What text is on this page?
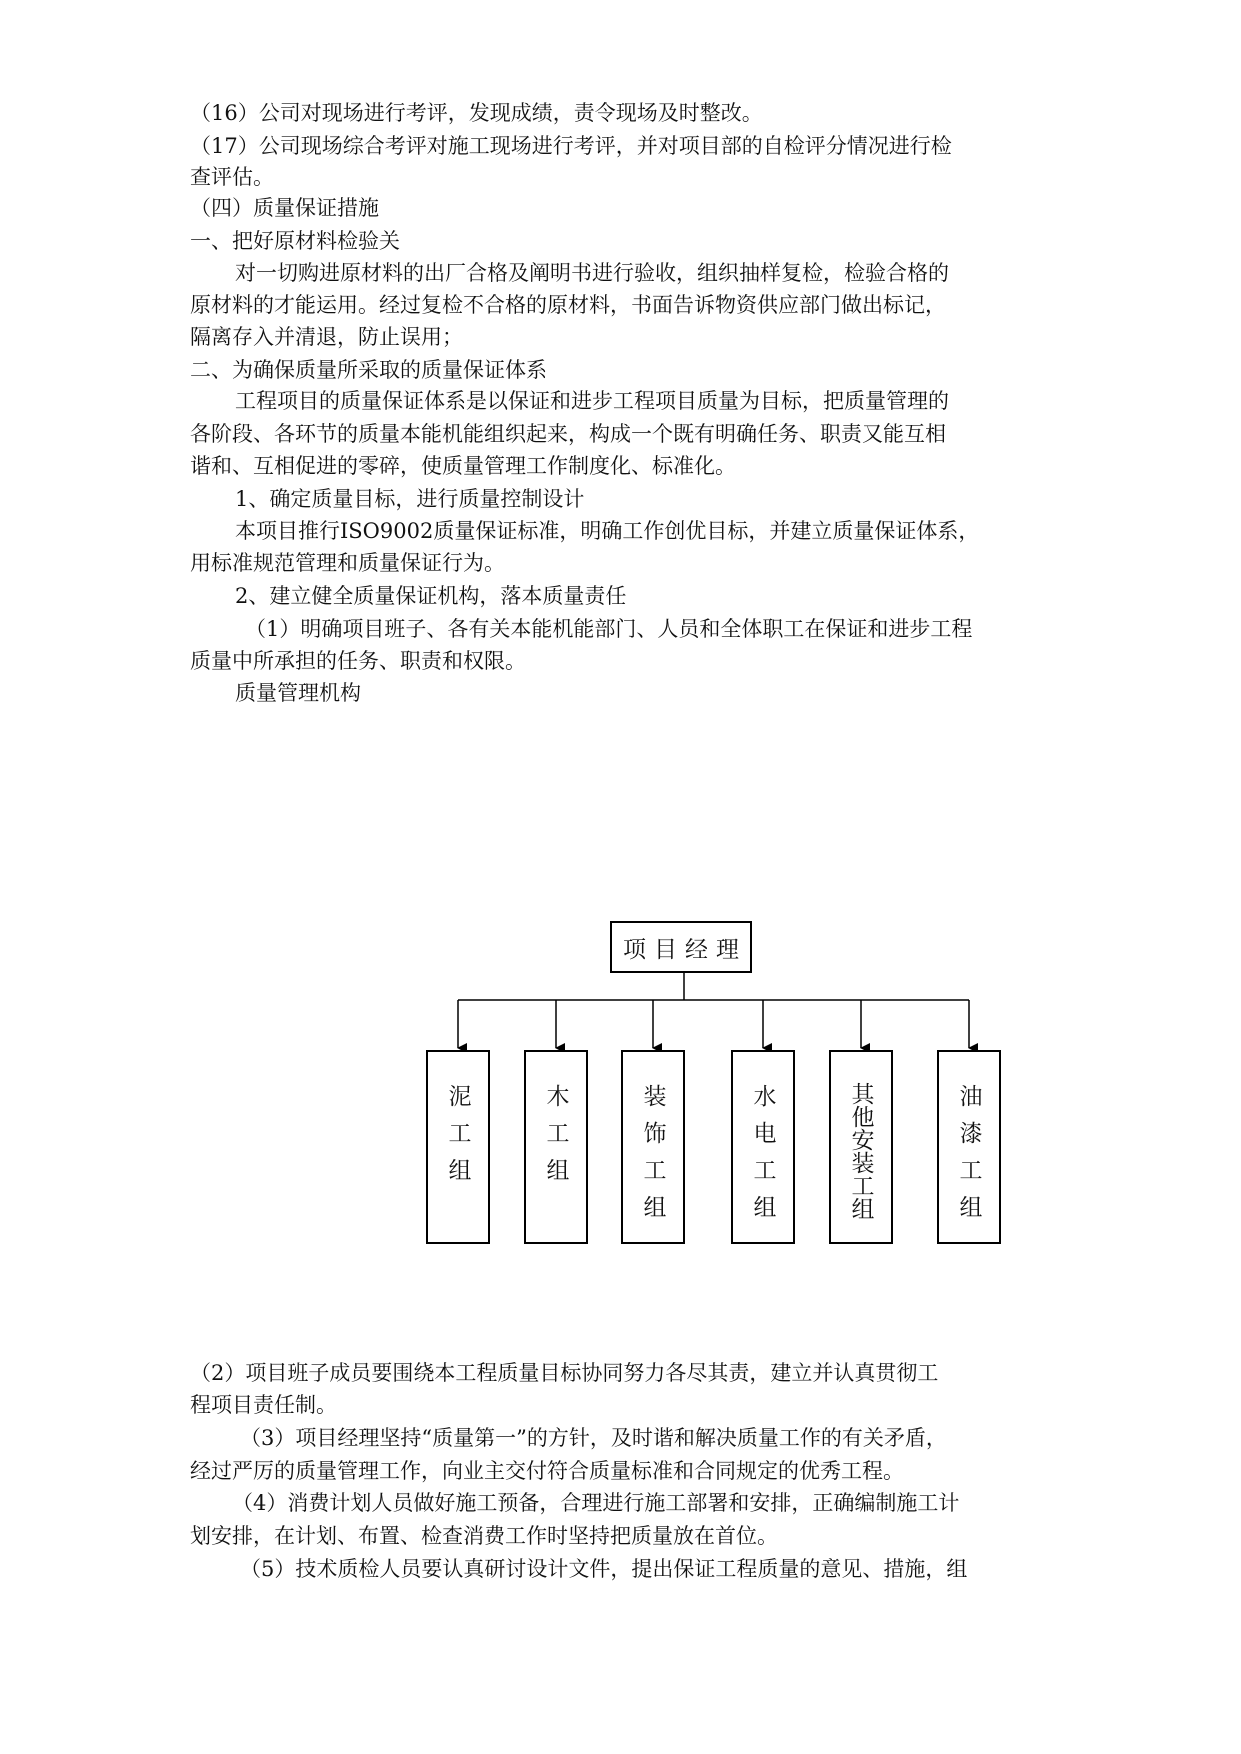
（16）公司对现场进行考评，发现成绩，责令现场及时整改。
（17）公司现场综合考评对施工现场进行考评，并对项目部的自检评分情况进行检
查评估。
（四）质量保证措施
一、把好原材料检验关
对一切购进原材料的出厂合格及阐明书进行验收，组织抽样复检，检验合格的
原材料的才能运用。经过复检不合格的原材料，书面告诉物资供应部门做出标记，
隔离存入并清退，防止误用；
二、为确保质量所采取的质量保证体系
工程项目的质量保证体系是以保证和进步工程项目质量为目标，把质量管理的
各阶段、各环节的质量本能机能组织起来，构成一个既有明确任务、职责又能互相
谐和、互相促进的零碎，使质量管理工作制度化、标准化。
1、确定质量目标，进行质量控制设计
本项目推行ISO9002质量保证标准，明确工作创优目标，并建立质量保证体系，
用标准规范管理和质量保证行为。
2、建立健全质量保证机构，落本质量责任
（1）明确项目班子、各有关本能机能部门、人员和全体职工在保证和进步工程
质量中所承担的任务、职责和权限。
质量管理机构
项目经理
泥工组	木工组	装饰工组	水电工组	其他安装工组	油漆工组
（2）项目班子成员要围绕本工程质量目标协同努力各尽其责，建立并认真贯彻工
程项目责任制。
（3）项目经理坚持“质量第一”的方针，及时谐和解决质量工作的有关矛盾，
经过严厉的质量管理工作，向业主交付符合质量标准和合同规定的优秀工程。
（4）消费计划人员做好施工预备，合理进行施工部署和安排，正确编制施工计
划安排，在计划、布置、检查消费工作时坚持把质量放在首位。
（5）技术质检人员要认真研讨设计文件，提出保证工程质量的意见、措施，组
